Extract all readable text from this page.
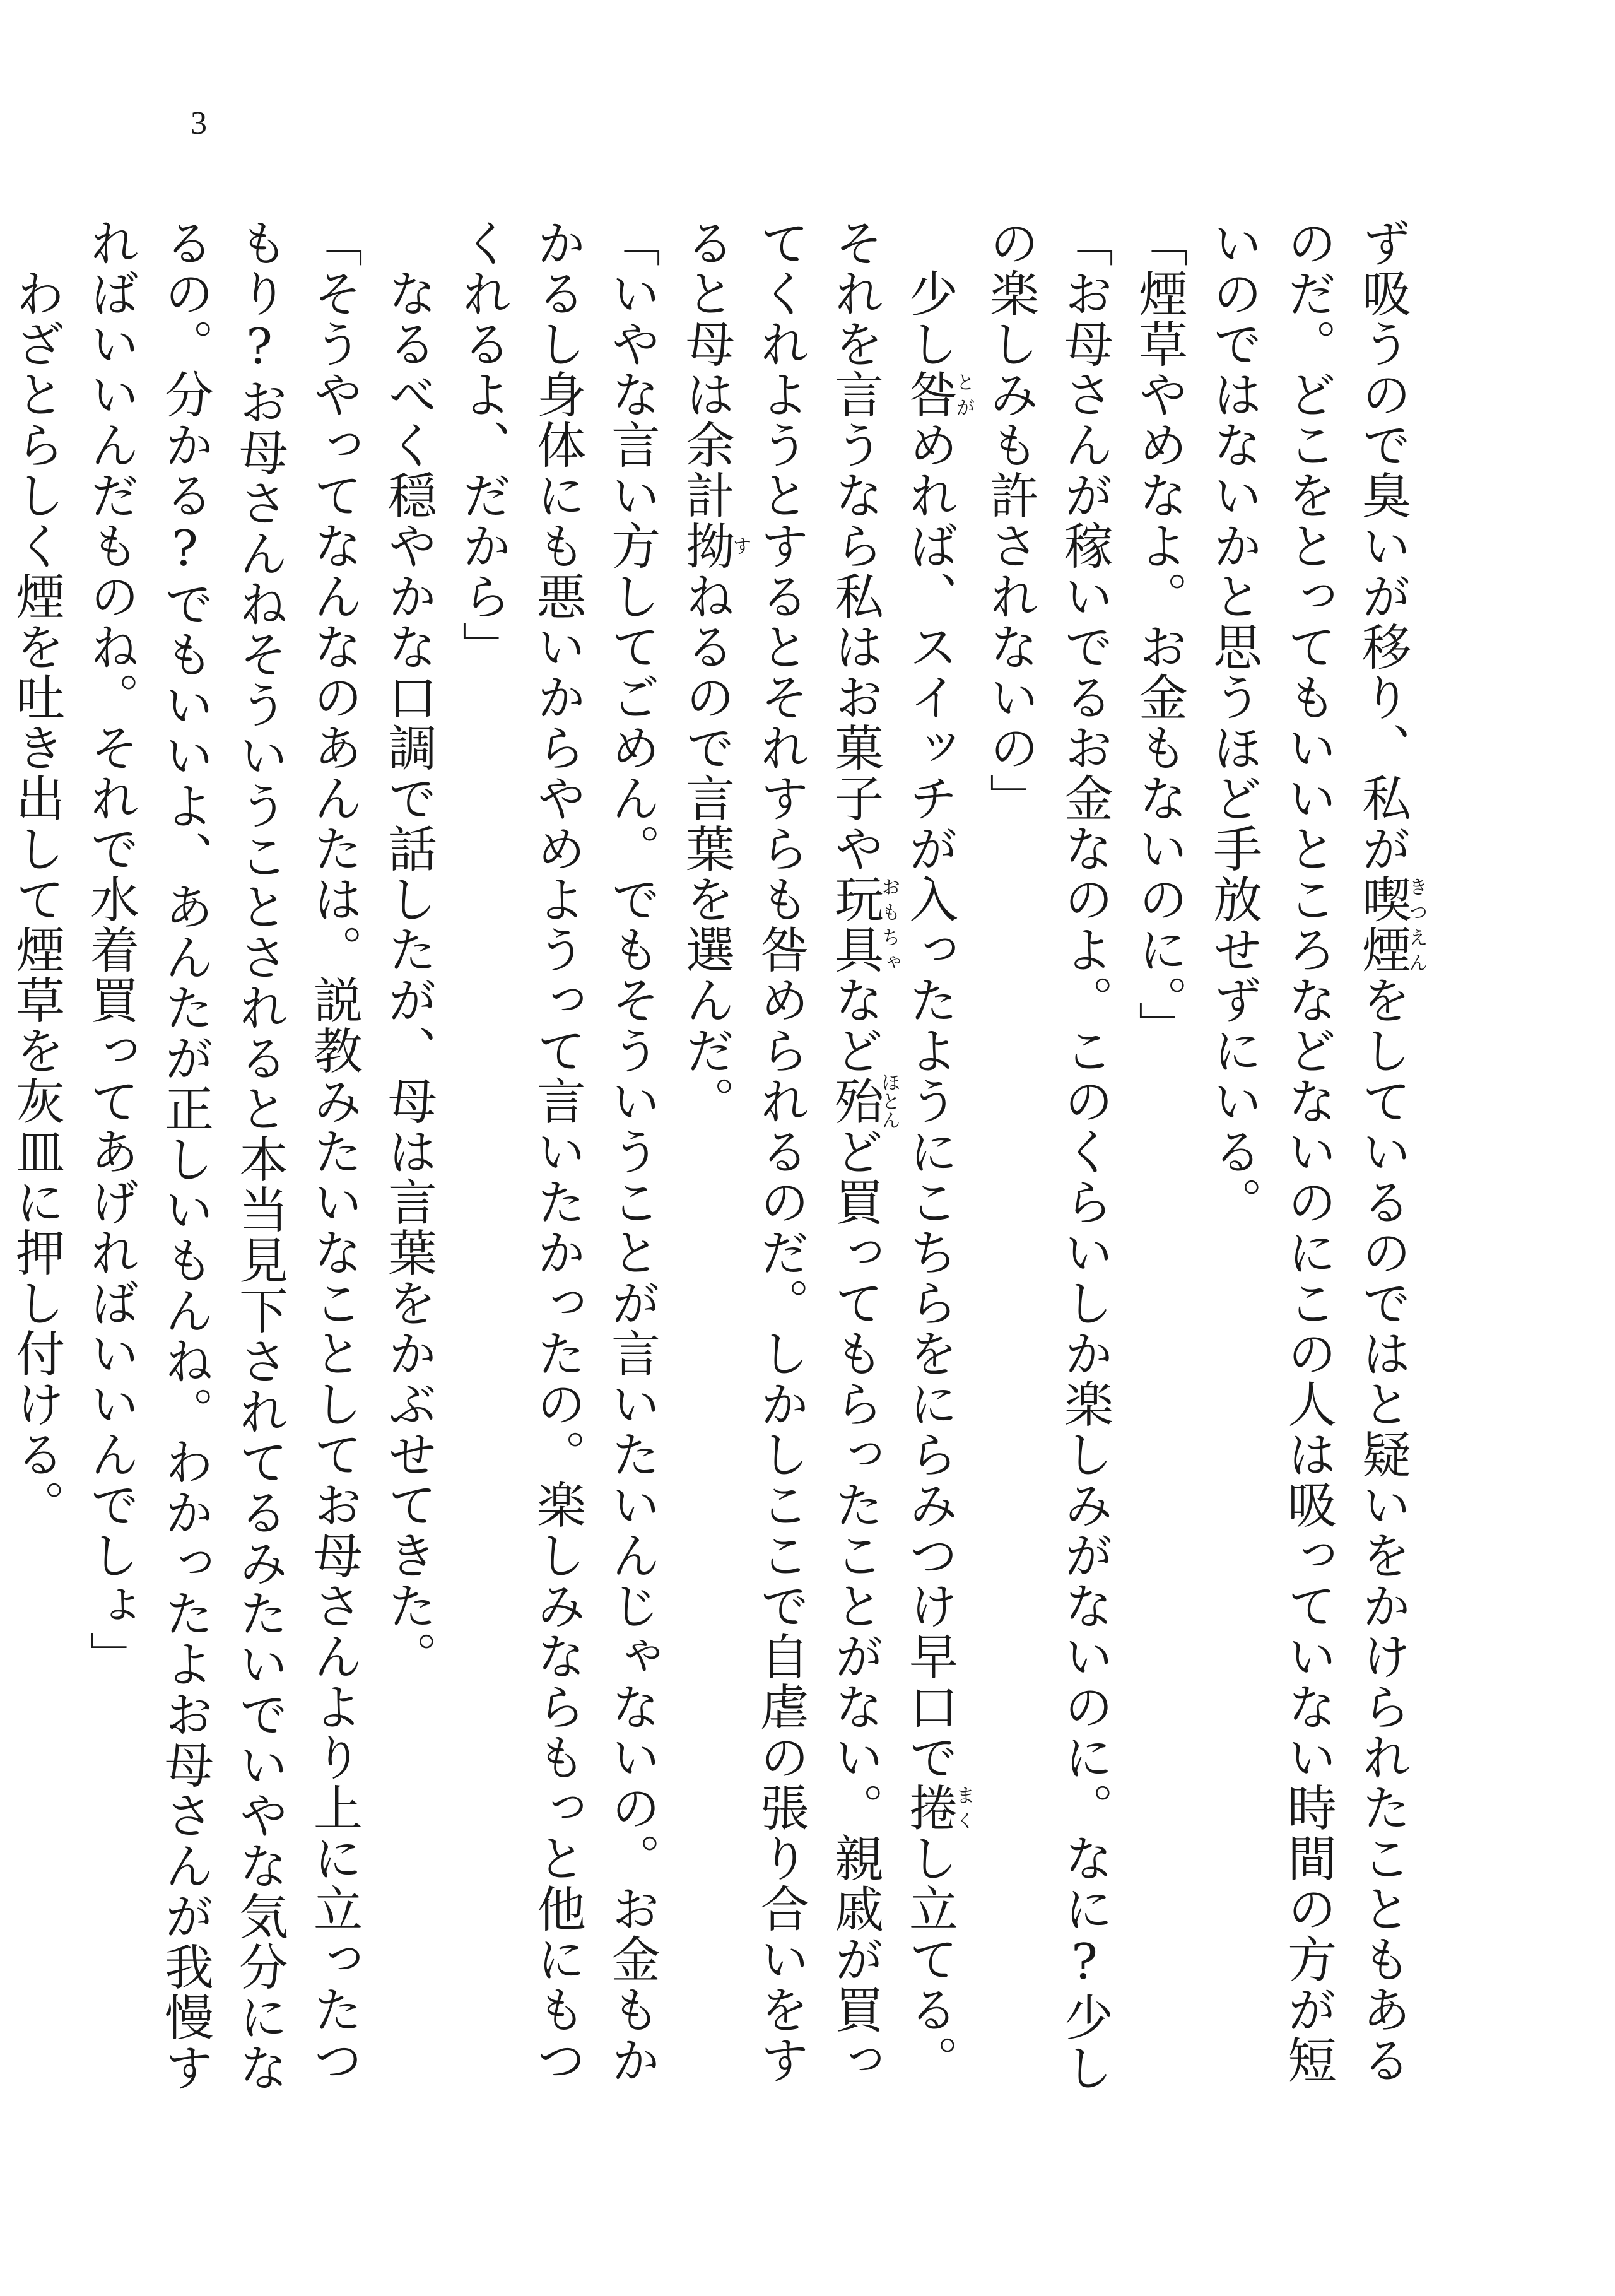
3

ず吸うので臭いが移り、私が喫煙きつえんをしているのではと疑いをかけられたこともあるのだ。どこをとってもいいところなどないのにこの人は吸っていない時間の方が短いのではないかと思うほど手放せずにいる。

「煙草やめなよ。お金もないのに。」

「お母さんが稼いでるお金なのよ。このくらいしか楽しみがないのに。なに?少しの楽しみも許されないの」

　少し咎とがめれば、スイッチが入ったようにこちらをにらみつけ早口で捲まくし立てる。それを言うなら私はお菓子や玩具おもちゃなど殆ほとんど買ってもらったことがない。親戚が買ってくれようとするとそれすらも咎められるのだ。しかしここで自虐の張り合いをすると母は余計拗すねるので言葉を選んだ。

「いやな言い方してごめん。でもそういうことが言いたいんじゃないの。お金もかかるし身体にも悪いからやめようって言いたかったの。楽しみならもっと他にもつくれるよ、だから」

　なるべく穏やかな口調で話したが、母は言葉をかぶせてきた。

「そうやってなんなのあんたは。説教みたいなことしてお母さんより上に立ったつもり?お母さんねそういうことされると本当見下されてるみたいでいやな気分になるの。分かる?でもいいよ、あんたが正しいもんね。わかったよお母さんが我慢すればいいんだものね。それで水着買ってあげればいいんでしょ」

　わざとらしく煙を吐き出して煙草を灰皿に押し付ける。
